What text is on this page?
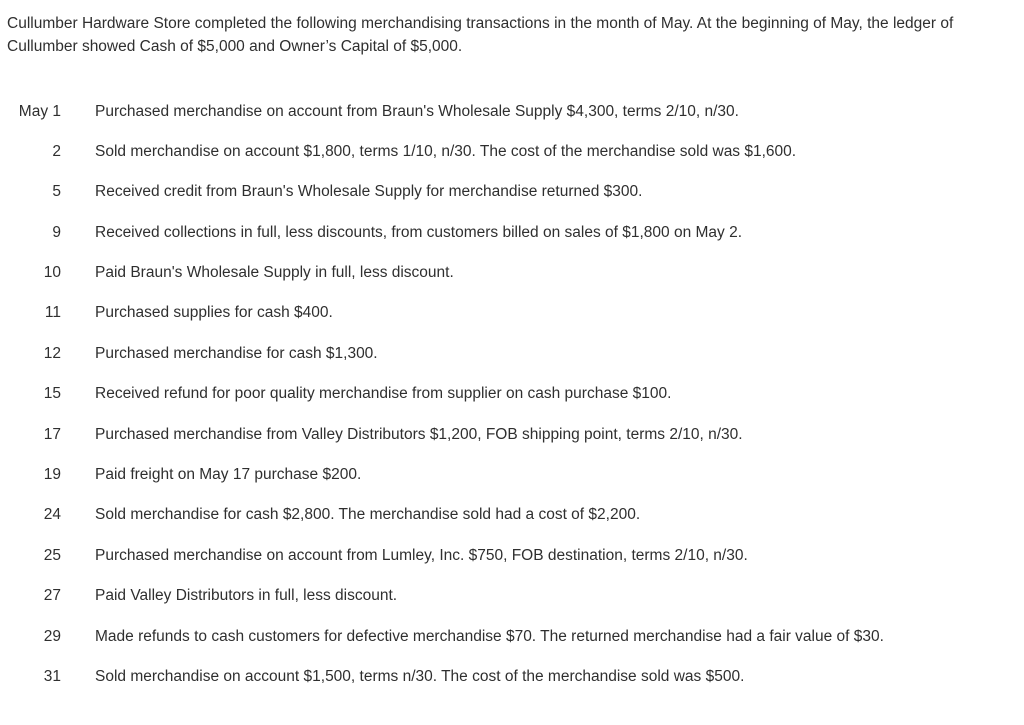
Cullumber Hardware Store completed the following merchandising transactions in the month of May. At the beginning of May, the ledger of Cullumber showed Cash of $5,000 and Owner’s Capital of $5,000.

May 1 Purchased merchandise on account from Braun's Wholesale Supply $4,300, terms 2/10, n/30.
2 Sold merchandise on account $1,800, terms 1/10, n/30. The cost of the merchandise sold was $1,600.
5 Received credit from Braun's Wholesale Supply for merchandise returned $300.
9 Received collections in full, less discounts, from customers billed on sales of $1,800 on May 2.
10 Paid Braun's Wholesale Supply in full, less discount.
11 Purchased supplies for cash $400.
12 Purchased merchandise for cash $1,300.
15 Received refund for poor quality merchandise from supplier on cash purchase $100.
17 Purchased merchandise from Valley Distributors $1,200, FOB shipping point, terms 2/10, n/30.
19 Paid freight on May 17 purchase $200.
24 Sold merchandise for cash $2,800. The merchandise sold had a cost of $2,200.
25 Purchased merchandise on account from Lumley, Inc. $750, FOB destination, terms 2/10, n/30.
27 Paid Valley Distributors in full, less discount.
29 Made refunds to cash customers for defective merchandise $70. The returned merchandise had a fair value of $30.
31 Sold merchandise on account $1,500, terms n/30. The cost of the merchandise sold was $500.
